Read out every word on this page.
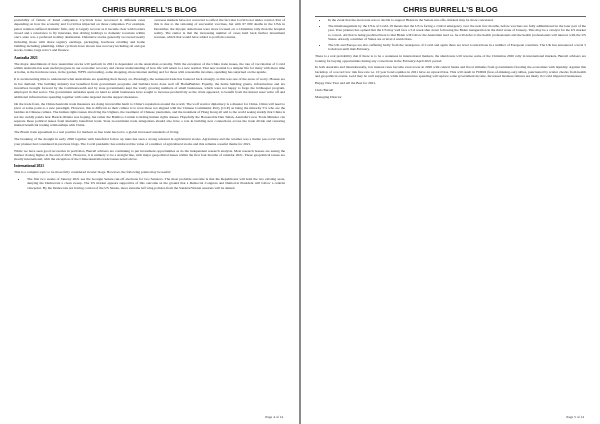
CHRIS BURRELL’S BLOG
probability of failure of listed companies. Cyclicals have recovered at different rates depending on how the economy and Covid has impacted on those companies. For example, petrol retailers suffered dramatic falls, only to largely recover as it became clear with borders closed and a reluctance to fly interstate, that driving holidays to domestic locations within one’s state was a preferred holiday destination. Defensive stocks generally recovered neatly including those with share registry earnings, packaging, hardware retailing and home building including plumbing. Other cyclicals have shown less recovery including oil and gas stocks, banks, large telco’s and finance.
overseas markets have not corrected to reflect the fact that Covid is not under control. Part of this is due to the rationing of successful vaccines, but with 67 000 deaths in the USA in December, the myopic Americans were more focused on a Christmas rally than the hospital reality. The rumor is that the increasing number of cases held back further investment revenue, which that would have added to portfolio returns.
Australia 2021

The major determinant of how Australian stocks will perform in 2021 is dependent on the Australian economy. With the exception of the China trade issues, the rate of vaccination of Covid within Australia has seen useful progress in our economic recovery and clearer understanding of how life will return to a new normal. That new normal is a simpler life for many with more time at home, at the hardware store, in the garden, WFH, and reading, some shopping, more internet surfing and for those with reasonable incomes, spending has surprised on the upside.

It is an interesting time to understand what Australians are spending their money on. Pleasingly, the restaurant trade has bounced back strongly, as this was one of the areas of worry. Houses are in hot demand. The building industry has benefited from government programs and builders have done well off HomeBuilder. Equally, the home building grants, infrastructure and tax incentives brought forward by the Commonwealth and by state governments kept the vastly growing numbers of small businesses, which were not happy to forgo the JobKeeper program, employed in that sector. The government subsidies spent on hand as small businesses have sought to increase productivity as the crisis appeared, to benefit from the instant asset write off and additional infrastructure spending together with some targeted income support measures.

On the trade front, the China/Australia trade measures are doing irreversible harm to China’s reputation around the world. The wolf warrior diplomacy is a disaster for China. China will need to pivot at some point to a new paradigm. However, this is difficult as their culture is to treat those not aligned with the Chinese Communist Party (CCP) as being the minority 5% who are the baddies in Chinese culture. The human rights issues involving the Uighurs, the treatment of Chinese journalists, and the treatment of Hong Kong all add to the world seeing starkly that China is not the cuddly panda bear Barack Obama was hoping, but rather the Bamboo Curtain is hiding human rights abuses. Hopefully the Honourable Dan Tehan, Australia’s new Trade Minister can separate these political issues from mutually beneficial trade. State Government trade delegations should also have a role in building new connections across the trade divide and restoring mutual beneficial trading relationships with China.

The Brexit trade agreement is a real positive for markets as free trade has led to a global increased standards of living.

The breaking of the drought in early 2020 together with beneficial follow up rains has seen a strong rebound in agricultural stocks. Agriculture and the weather was a theme pre-covid which your planner had considered in previous blogs. The Covid pandemic has reinforced the value of a number of agricultural stocks and this remains a useful theme for 2021.

While we have seen good recoveries in portfolios, Burrell advisers are continuing to put investment opportunities as do the independent research analysts. Most research houses are seeing the market closing higher at the end of 2021. However, it is unlikely to be a straight line, with major geopolitical issues within the first four months of calendar 2021. These geopolitical issues are mostly international, with the exception of the China/Australia trade issues noted above.

International 2021

This is a complex topic to be more fully considered in later blogs. However, the following points may be useful:

• The first two weeks of January 2021 see the Georgia Senate run-off elections for two Senators. The most probable outcome is that the Republicans will hold the two existing seats, denying the Democrats a clean sweep. The US market appears supportive of this outcome as the ground that a Democrat Congress and Democrat President will follow a centrist viewpoint. By the Democrats not having control of the US Senate, more extreme left wing policies from the Sanders/Warren sessions will be denied.
Page 4 of 14
CHRIS BURRELL’S BLOG
• In the event that the electorate was to decide to support Biden in the Senate run-offs, markets may be more concerned.
• The mismanagement by the USA of Covid-19 means that the US is facing a critical emergency over the next few months, before vaccines are fully administered in the later part of the year. Your planner has opined that the US may well face a 5-6 week shut down following the Biden inauguration in the third week of January. This may be a catalyst for the US market to correct. All that is being predicted here is that Biden will follow the Australian lead i.e. he will defer to the health professionals and the health professionals will interact with the US States. Already a number of States are at level 4 restrictions.
• The UK and Europe are also suffering badly from the resurgence of Covid and again there are level 4 restrictions in a number of European countries. The UK has announced a level 5 lockdown until mid-February.

There is a real probability that if there is to be a weakness in international markets, the shutdowns will reverse some of the Christmas 2020 rally in international markets. Burrell advisers are looking for buying opportunities during any corrections in the February/April 2021 period.

In both Australia and internationally, low interest rates become even lower in 2020 with central banks and fiscal stimulus from governments flooding the economies with liquidity. Against this backdrop of a record low risk free rate i.e. 10 year bond equities in 2021 have an upward bias. This will result in FOMO (fear-of-missing-out) rallies, punctuated by scatter checks from health and geopolitical events. Gold may be well supported, while infrastructure spending will replace some government income. Increased business failures are likely in Covid impacted businesses.

Happy New Year and All the Best for 2021.

Chris Burrell

Managing Director

Page 5 of 14
